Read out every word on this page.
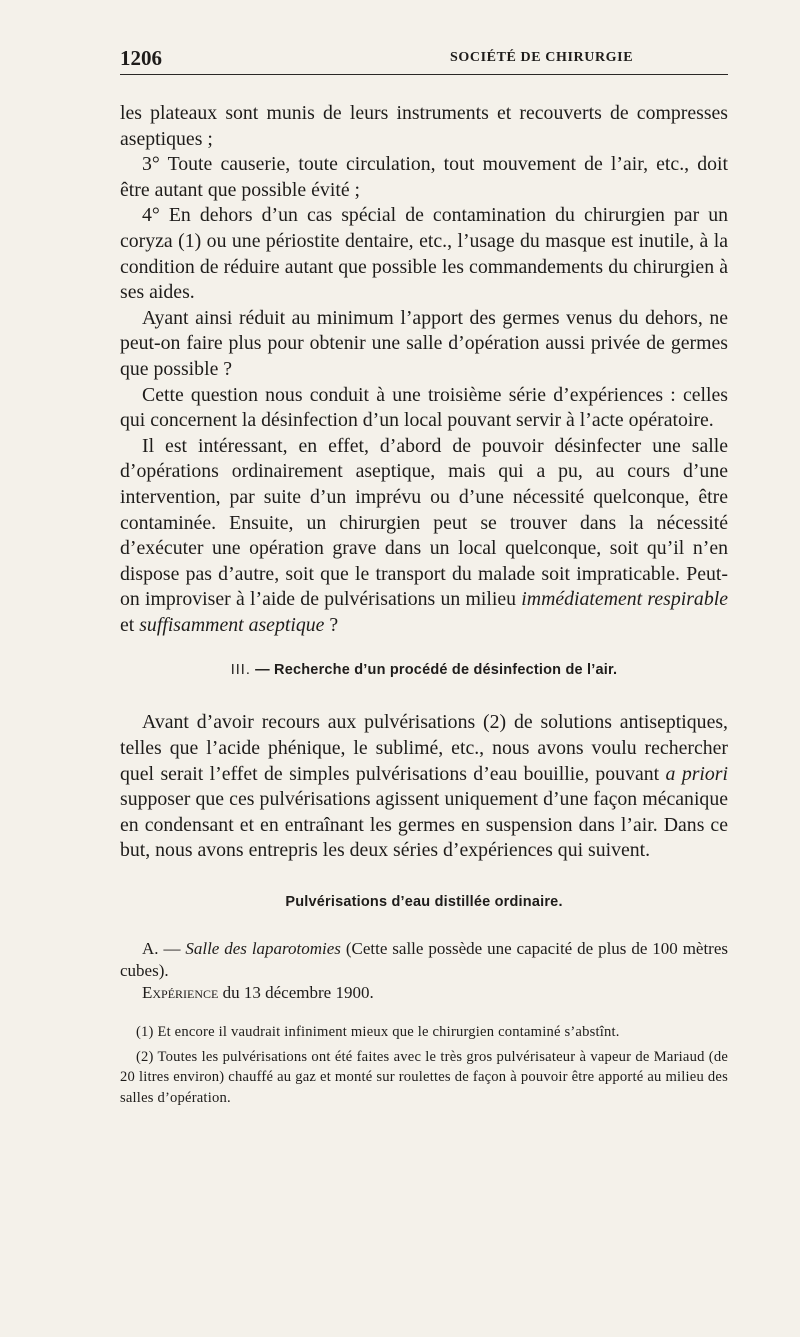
1206	SOCIÉTÉ DE CHIRURGIE

les plateaux sont munis de leurs instruments et recouverts de compresses aseptiques ;

3° Toute causerie, toute circulation, tout mouvement de l’air, etc., doit être autant que possible évité ;

4° En dehors d’un cas spécial de contamination du chirurgien par un coryza (1) ou une périostite dentaire, etc., l’usage du masque est inutile, à la condition de réduire autant que possible les commandements du chirurgien à ses aides.

Ayant ainsi réduit au minimum l’apport des germes venus du dehors, ne peut-on faire plus pour obtenir une salle d’opération aussi privée de germes que possible ?

Cette question nous conduit à une troisième série d’expériences : celles qui concernent la désinfection d’un local pouvant servir à l’acte opératoire.

Il est intéressant, en effet, d’abord de pouvoir désinfecter une salle d’opérations ordinairement aseptique, mais qui a pu, au cours d’une intervention, par suite d’un imprévu ou d’une nécessité quelconque, être contaminée. Ensuite, un chirurgien peut se trouver dans la nécessité d’exécuter une opération grave dans un local quelconque, soit qu’il n’en dispose pas d’autre, soit que le transport du malade soit impraticable. Peut-on improviser à l’aide de pulvérisations un milieu immédiatement respirable et suffisamment aseptique ?

III. — Recherche d’un procédé de désinfection de l’air.

Avant d’avoir recours aux pulvérisations (2) de solutions antiseptiques, telles que l’acide phénique, le sublimé, etc., nous avons voulu rechercher quel serait l’effet de simples pulvérisations d’eau bouillie, pouvant a priori supposer que ces pulvérisations agissent uniquement d’une façon mécanique en condensant et en entraînant les germes en suspension dans l’air. Dans ce but, nous avons entrepris les deux séries d’expériences qui suivent.

Pulvérisations d’eau distillée ordinaire.

A. — Salle des laparotomies (Cette salle possède une capacité de plus de 100 mètres cubes).

Expérience du 13 décembre 1900.

(1) Et encore il vaudrait infiniment mieux que le chirurgien contaminé s’abstînt.

(2) Toutes les pulvérisations ont été faites avec le très gros pulvérisateur à vapeur de Mariaud (de 20 litres environ) chauffé au gaz et monté sur roulettes de façon à pouvoir être apporté au milieu des salles d’opération.
